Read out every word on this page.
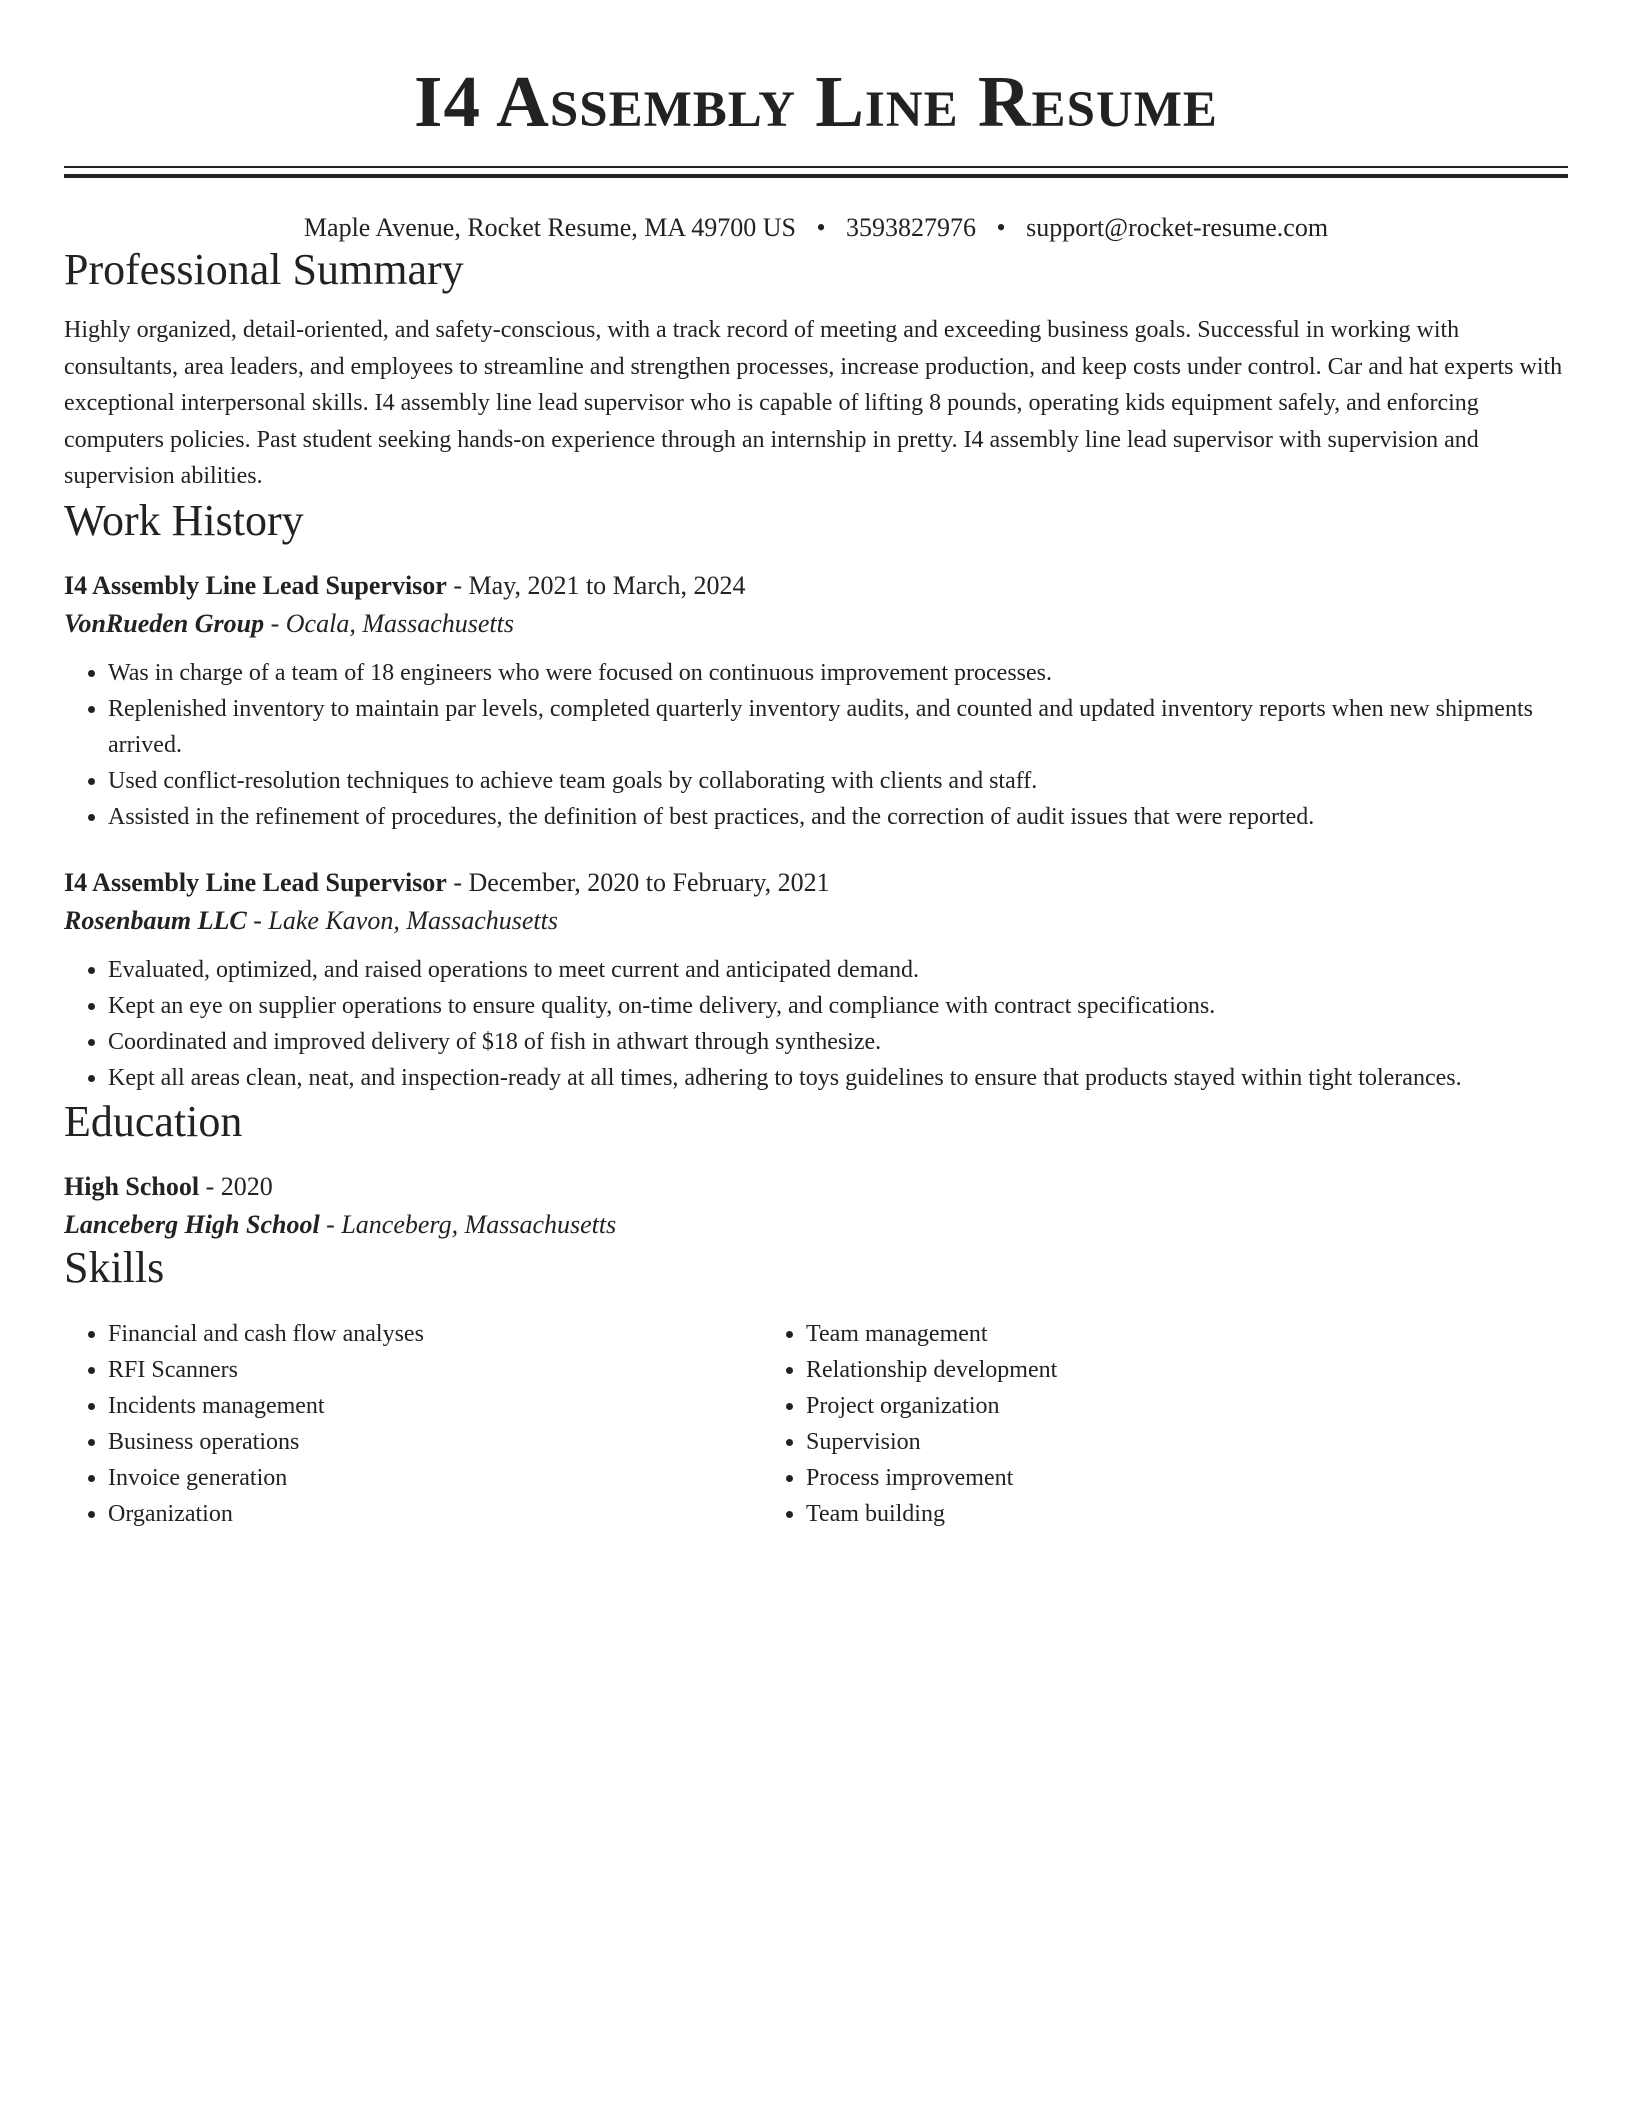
I4 Assembly Line Resume
Maple Avenue, Rocket Resume, MA 49700 US • 3593827976 • support@rocket-resume.com
Professional Summary

Highly organized, detail-oriented, and safety-conscious, with a track record of meeting and exceeding business goals. Successful in working with consultants, area leaders, and employees to streamline and strengthen processes, increase production, and keep costs under control. Car and hat experts with exceptional interpersonal skills. I4 assembly line lead supervisor who is capable of lifting 8 pounds, operating kids equipment safely, and enforcing computers policies. Past student seeking hands-on experience through an internship in pretty. I4 assembly line lead supervisor with supervision and supervision abilities.

Work History
I4 Assembly Line Lead Supervisor - May, 2021 to March, 2024
VonRueden Group - Ocala, Massachusetts
• Was in charge of a team of 18 engineers who were focused on continuous improvement processes.
• Replenished inventory to maintain par levels, completed quarterly inventory audits, and counted and updated inventory reports when new shipments arrived.
• Used conflict-resolution techniques to achieve team goals by collaborating with clients and staff.
• Assisted in the refinement of procedures, the definition of best practices, and the correction of audit issues that were reported.
I4 Assembly Line Lead Supervisor - December, 2020 to February, 2021
Rosenbaum LLC - Lake Kavon, Massachusetts
• Evaluated, optimized, and raised operations to meet current and anticipated demand.
• Kept an eye on supplier operations to ensure quality, on-time delivery, and compliance with contract specifications.
• Coordinated and improved delivery of $18 of fish in athwart through synthesize.
• Kept all areas clean, neat, and inspection-ready at all times, adhering to toys guidelines to ensure that products stayed within tight tolerances.
Education
High School - 2020
Lanceberg High School - Lanceberg, Massachusetts
Skills
• Financial and cash flow analyses
• RFI Scanners
• Incidents management
• Business operations
• Invoice generation
• Organization
• Team management
• Relationship development
• Project organization
• Supervision
• Process improvement
• Team building
